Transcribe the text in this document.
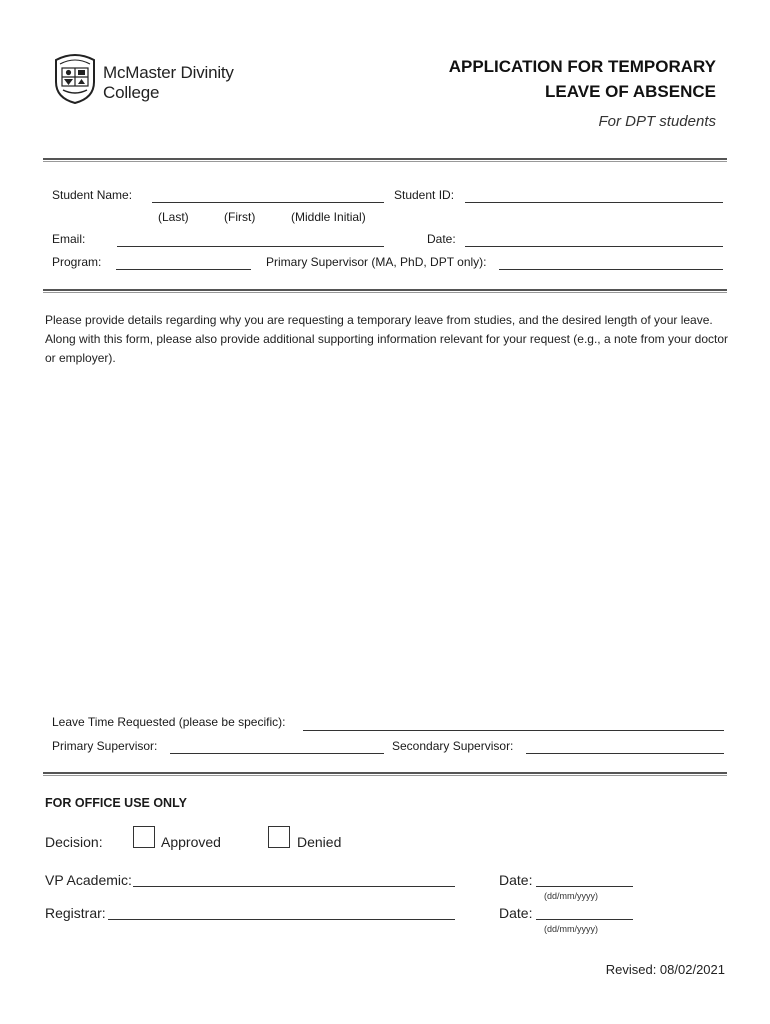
McMaster Divinity
College
APPLICATION FOR TEMPORARY
LEAVE OF ABSENCE
For DPT students
Student Name:	Student ID:
(Last)	(First)	(Middle Initial)
Email:	Date:
Program:	Primary Supervisor (MA, PhD, DPT only):
Please provide details regarding why you are requesting a temporary leave from studies, and the desired length of your leave. Along with this form, please also provide additional supporting information relevant for your request (e.g., a note from your doctor or employer).
Leave Time Requested (please be specific):
Primary Supervisor:	Secondary Supervisor:
FOR OFFICE USE ONLY
Decision:	Approved	Denied
VP Academic:	Date:
(dd/mm/yyyy)
Registrar:	Date:
(dd/mm/yyyy)
Revised: 08/02/2021
